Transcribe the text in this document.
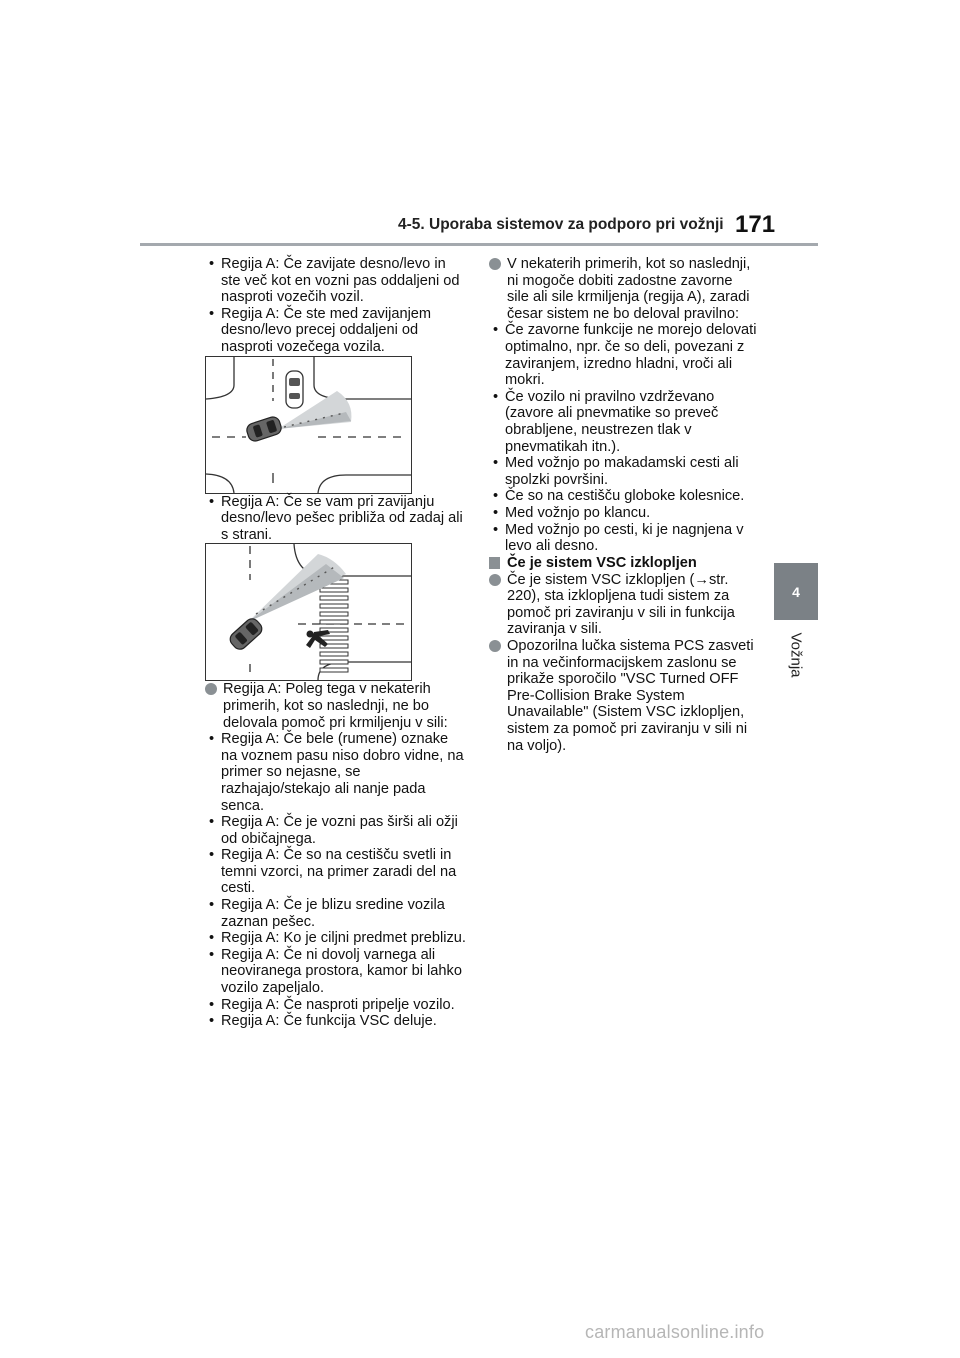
4-5. Uporaba sistemov za podporo pri vožnji 171
4
Vožnja
• Regija A: Če zavijate desno/levo in ste več kot en vozni pas oddaljeni od nasproti vozečih vozil.
• Regija A: Če ste med zavijanjem desno/levo precej oddaljeni od nasproti vozečega vozila.
• Regija A: Če se vam pri zavijanju desno/levo pešec približa od zadaj ali s strani.
Regija A: Poleg tega v nekaterih primerih, kot so naslednji, ne bo delovala pomoč pri krmiljenju v sili:
• Regija A: Če bele (rumene) oznake na voznem pasu niso dobro vidne, na primer so nejasne, se razhajajo/stekajo ali nanje pada senca.
• Regija A: Če je vozni pas širši ali ožji od običajnega.
• Regija A: Če so na cestišču svetli in temni vzorci, na primer zaradi del na cesti.
• Regija A: Če je blizu sredine vozila zaznan pešec.
• Regija A: Ko je ciljni predmet preblizu.
• Regija A: Če ni dovolj varnega ali neoviranega prostora, kamor bi lahko vozilo zapeljalo.
• Regija A: Če nasproti pripelje vozilo.
• Regija A: Če funkcija VSC deluje.
V nekaterih primerih, kot so naslednji, ni mogoče dobiti zadostne zavorne sile ali sile krmiljenja (regija A), zaradi česar sistem ne bo deloval pravilno:
• Če zavorne funkcije ne morejo delovati optimalno, npr. če so deli, povezani z zaviranjem, izredno hladni, vroči ali mokri.
• Če vozilo ni pravilno vzdrževano (zavore ali pnevmatike so preveč obrabljene, neustrezen tlak v pnevmatikah itn.).
• Med vožnjo po makadamski cesti ali spolzki površini.
• Če so na cestišču globoke kolesnice.
• Med vožnjo po klancu.
• Med vožnjo po cesti, ki je nagnjena v levo ali desno.
Če je sistem VSC izklopljen
Če je sistem VSC izklopljen (→str. 220), sta izklopljena tudi sistem za pomoč pri zaviranju v sili in funkcija zaviranja v sili.
Opozorilna lučka sistema PCS zasveti in na večinformacijskem zaslonu se prikaže sporočilo "VSC Turned OFF Pre-Collision Brake System Unavailable" (Sistem VSC izklopljen, sistem za pomoč pri zaviranju v sili ni na voljo).
carmanualsonline.info
